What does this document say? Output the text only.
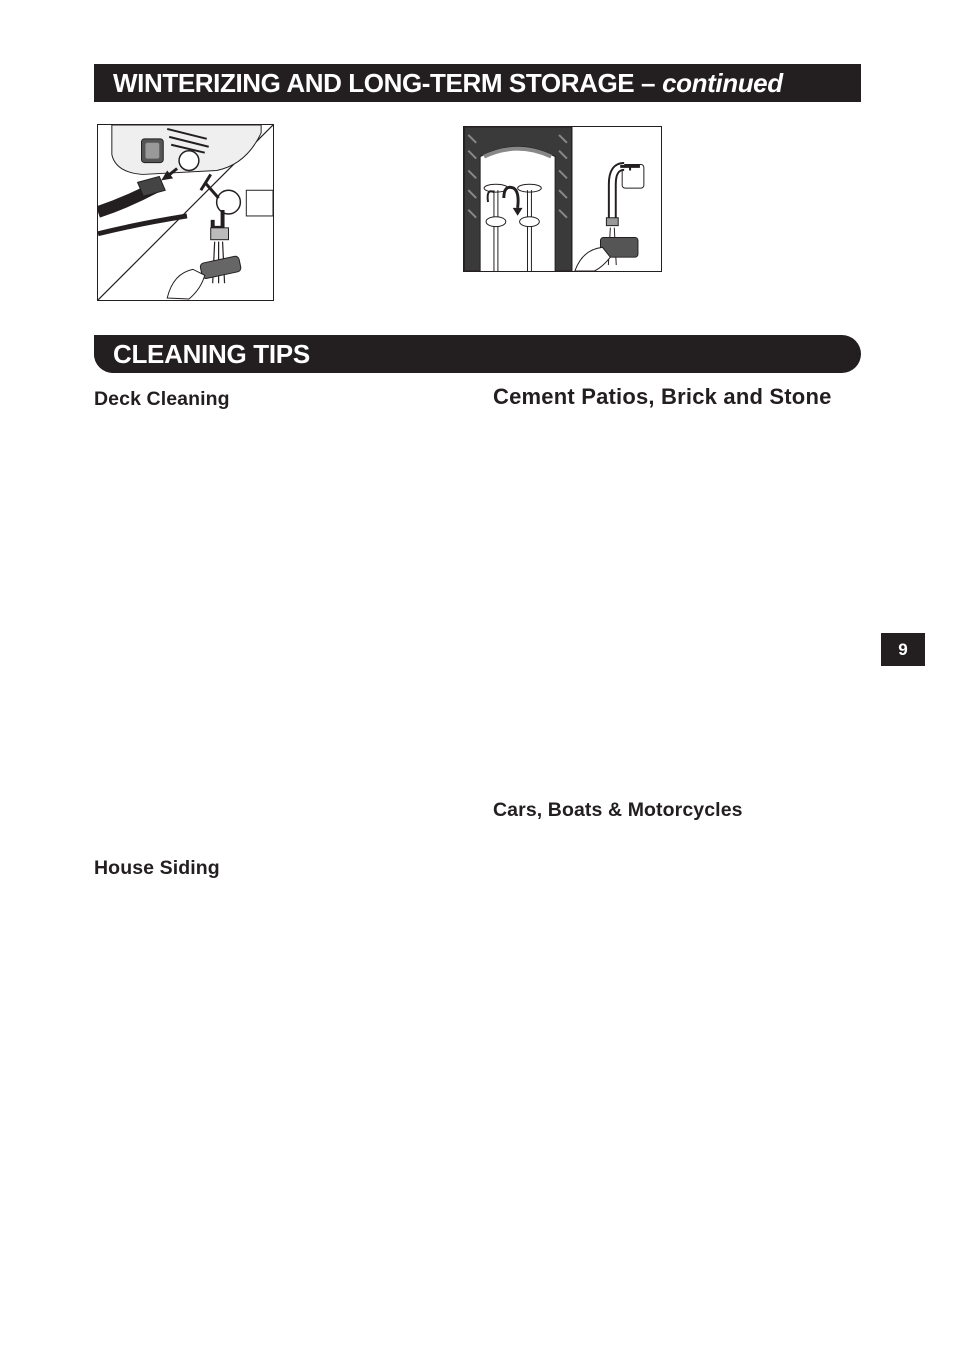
WINTERIZING AND LONG-TERM STORAGE – continued
CLEANING TIPS
Deck Cleaning
House Siding
Cement Patios, Brick and Stone
Cars, Boats & Motorcycles
9
